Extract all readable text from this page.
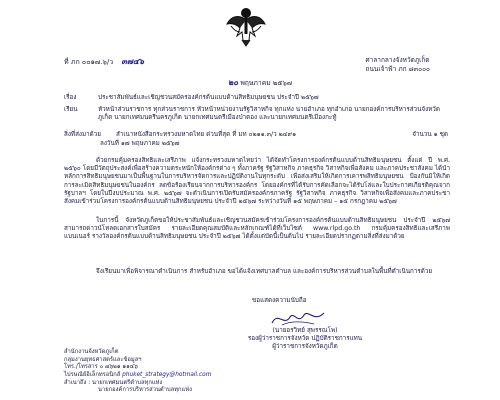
ที่ ภก ๐๐๑๗.๖/ว ๓๗๔๖	ศาลากลางจังหวัดภูเก็ต
ถนนเจ้าฟ้า ภก ๘๓๐๐๐
๒๐ พฤษภาคม ๒๕๖๗
เรื่อง	ประชาสัมพันธ์และเชิญชวนสมัครองค์กรต้นแบบด้านสิทธิมนุษยชน ประจำปี ๒๕๖๗
เรียน	หัวหน้าส่วนราชการ ทุกส่วนราชการ หัวหน้าหน่วยงานรัฐวิสาหกิจ ทุกแห่ง นายอำเภอ ทุกอำเภอ นายกองค์การบริหารส่วนจังหวัดภูเก็ต นายกเทศมนตรีนครภูเก็ต นายกเทศมนตรีเมืองป่าตอง และนายกเทศมนตรีเมืองกะทู้
สิ่งที่ส่งมาด้วย	สำเนาหนังสือกระทรวงมหาดไทย ด่วนที่สุด ที่ มท ๐๒๑๑.๓/ว ๒๔๙๑	จำนวน ๑ ชุด
ลงวันที่ ๑๗ พฤษภาคม ๒๕๖๗

ด้วยกรมคุ้มครองสิทธิและเสรีภาพ แจ้งกระทรวงมหาดไทยว่า ได้จัดทำโครงการองค์กรต้นแบบด้านสิทธิมนุษยชน ตั้งแต่ ปี พ.ศ. ๒๕๖๐ โดยมีวัตถุประสงค์เพื่อสร้างความตระหนักให้องค์กรต่าง ๆ ทั้งภาครัฐ รัฐวิสาหกิจ ภาคธุรกิจ วิสาหกิจเพื่อสังคม และภาคประชาสังคม ได้นำหลักการสิทธิมนุษยชนมาเป็นพื้นฐานในการบริหารจัดการและปฏิบัติงานในทุกระดับ เพื่อส่งเสริมให้เกิดการเคารพสิทธิมนุษยชน ป้องกันมิให้เกิดการละเมิดสิทธิมนุษยชนในองค์กร ลดข้อร้องเรียนจากการบริหารองค์กร โดยองค์กรที่ได้รับการคัดเลือกจะได้รับโล่และใบประกาศเกียรติคุณจากรัฐบาลฯ โดยในปีงบประมาณ พ.ศ. ๒๕๖๗ จะดำเนินการเปิดรับสมัครองค์กรภาครัฐ รัฐวิสาหกิจ ภาคธุรกิจ วิสาหกิจเพื่อสังคมและภาคประชาสังคมเข้าร่วมโครงการองค์กรต้นแบบด้านสิทธิมนุษยชน ประจำปี ๒๕๖๗ ระหว่างวันที่ ๑๕ พฤษภาคม – ๑๕ กรกฎาคม ๒๕๖๗

ในการนี้ จังหวัดภูเก็ตขอให้ประชาสัมพันธ์และเชิญชวนสมัครเข้าร่วมโครงการองค์กรต้นแบบด้านสิทธิมนุษยชน ประจำปี ๒๕๖๗ สามารถดาวน์โหลดเอกสารใบสมัคร รายละเอียดคุณสมบัติและหลักเกณฑ์ได้ที่เว็บไซต์ www.rlpd.go.th กรมคุ้มครองสิทธิและเสรีภาพ แบนเนอร์ รางวัลองค์กรต้นแบบด้านสิทธิมนุษยชน ประจำปี ๒๕๖๗ ได้ตั้งแต่บัดนี้เป็นต้นไป รายละเอียดปรากฏตามสิ่งที่ส่งมาด้วย

จึงเรียนมาเพื่อพิจารณาดำเนินการ สำหรับอำเภอ ขอได้แจ้งเทศบาลตำบล และองค์การบริหารส่วนตำบลในพื้นที่ดำเนินการด้วย

ขอแสดงความนับถือ
(นายอรวิทย์ สุพรรณโพ)
รองผู้ว่าราชการจังหวัด ปฏิบัติราชการแทน
ผู้ว่าราชการจังหวัดภูเก็ต
สำนักงานจังหวัดภูเก็ต
กลุ่มงานยุทธศาสตร์และข้อมูลฯ
โทร./โทรสาร ๐ ๗๖๒๑ ๑๑๔๖
ไปรษณีย์อิเล็กทรอนิกส์ phuket_strategy@hotmail.com
สำเนาถึง : นายกเทศมนตรีตำบลทุกแห่ง
นายกองค์การบริหารส่วนตำบลทุกแห่ง
